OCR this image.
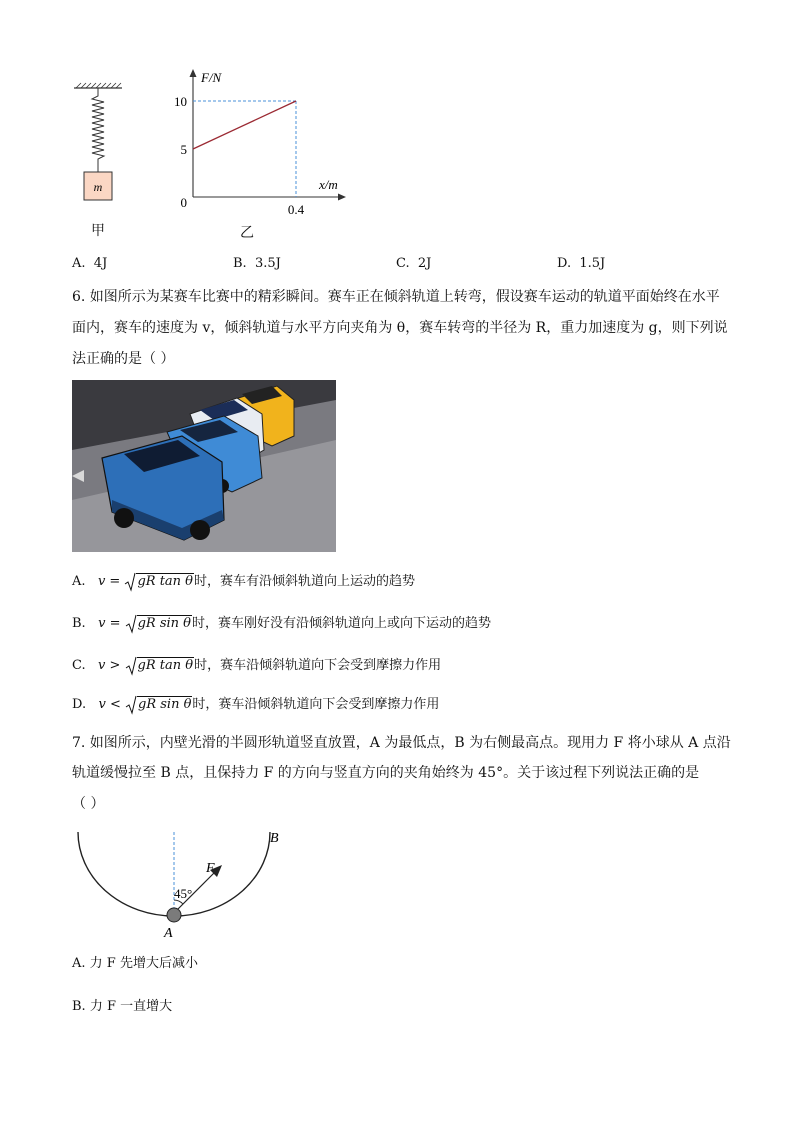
m
甲
F/N
x/m
10
5
0	0.4
乙
A. 4J	B. 3.5J	C. 2J	D. 1.5J
6. 如图所示为某赛车比赛中的精彩瞬间。赛车正在倾斜轨道上转弯，假设赛车运动的轨道平面始终在水平
面内，赛车的速度为 v，倾斜轨道与水平方向夹角为 θ，赛车转弯的半径为 R，重力加速度为 g，则下列说
法正确的是（ ）
A. v = gR tan θ时，赛车有沿倾斜轨道向上运动的趋势
B. v = gR sin θ时，赛车刚好没有沿倾斜轨道向上或向下运动的趋势
C. v > gR tan θ时，赛车沿倾斜轨道向下会受到摩擦力作用
D. v < gR sin θ时，赛车沿倾斜轨道向下会受到摩擦力作用
7. 如图所示，内壁光滑的半圆形轨道竖直放置，A 为最低点，B 为右侧最高点。现用力 F 将小球从 A 点沿
轨道缓慢拉至 B 点，且保持力 F 的方向与竖直方向的夹角始终为 45°。关于该过程下列说法正确的是
（ ）
45°
F
B
A
A. 力 F 先增大后减小
B. 力 F 一直增大
